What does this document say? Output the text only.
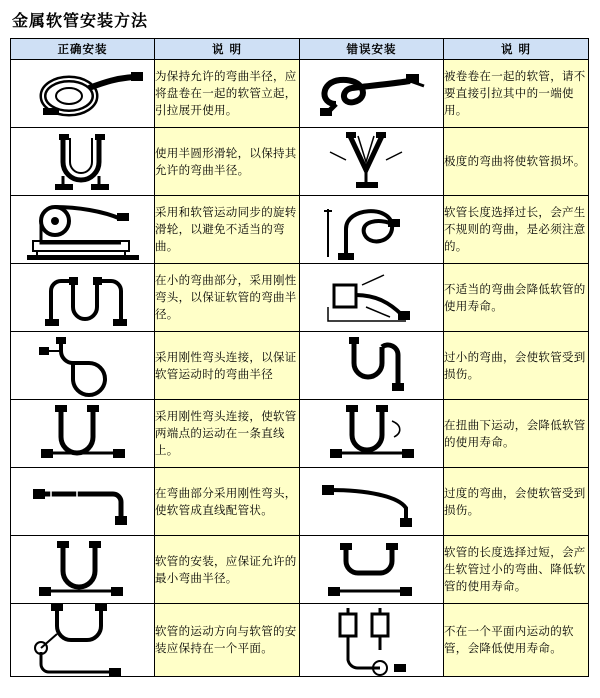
金属软管安装方法
正确安装	说 明	错误安装	说 明

	为保持允许的弯曲半径，应将盘卷在一起的软管立起，引拉展开使用。		被卷卷在一起的软管，请不要直接引拉其中的一端使用。

	使用半圆形滑轮，以保持其允许的弯曲半径。		极度的弯曲将使软管损坏。

	采用和软管运动同步的旋转滑轮，以避免不适当的弯曲。		软管长度选择过长，会产生不规则的弯曲，是必须注意的。

	在小的弯曲部分，采用刚性弯头，以保证软管的弯曲半径。		不适当的弯曲会降低软管的使用寿命。

	采用刚性弯头连接，以保证软管运动时的弯曲半径		过小的弯曲，会使软管受到损伤。

	采用刚性弯头连接，使软管两端点的运动在一条直线上。		在扭曲下运动，会降低软管的使用寿命。

	在弯曲部分采用刚性弯头，使软管成直线配管状。		过度的弯曲，会使软管受到损伤。

	软管的安装，应保证允许的最小弯曲半径。		软管的长度选择过短，会产生软管过小的弯曲、降低软管的使用寿命。

	软管的运动方向与软管的安装应保持在一个平面。		不在一个平面内运动的软管，会降低使用寿命。
